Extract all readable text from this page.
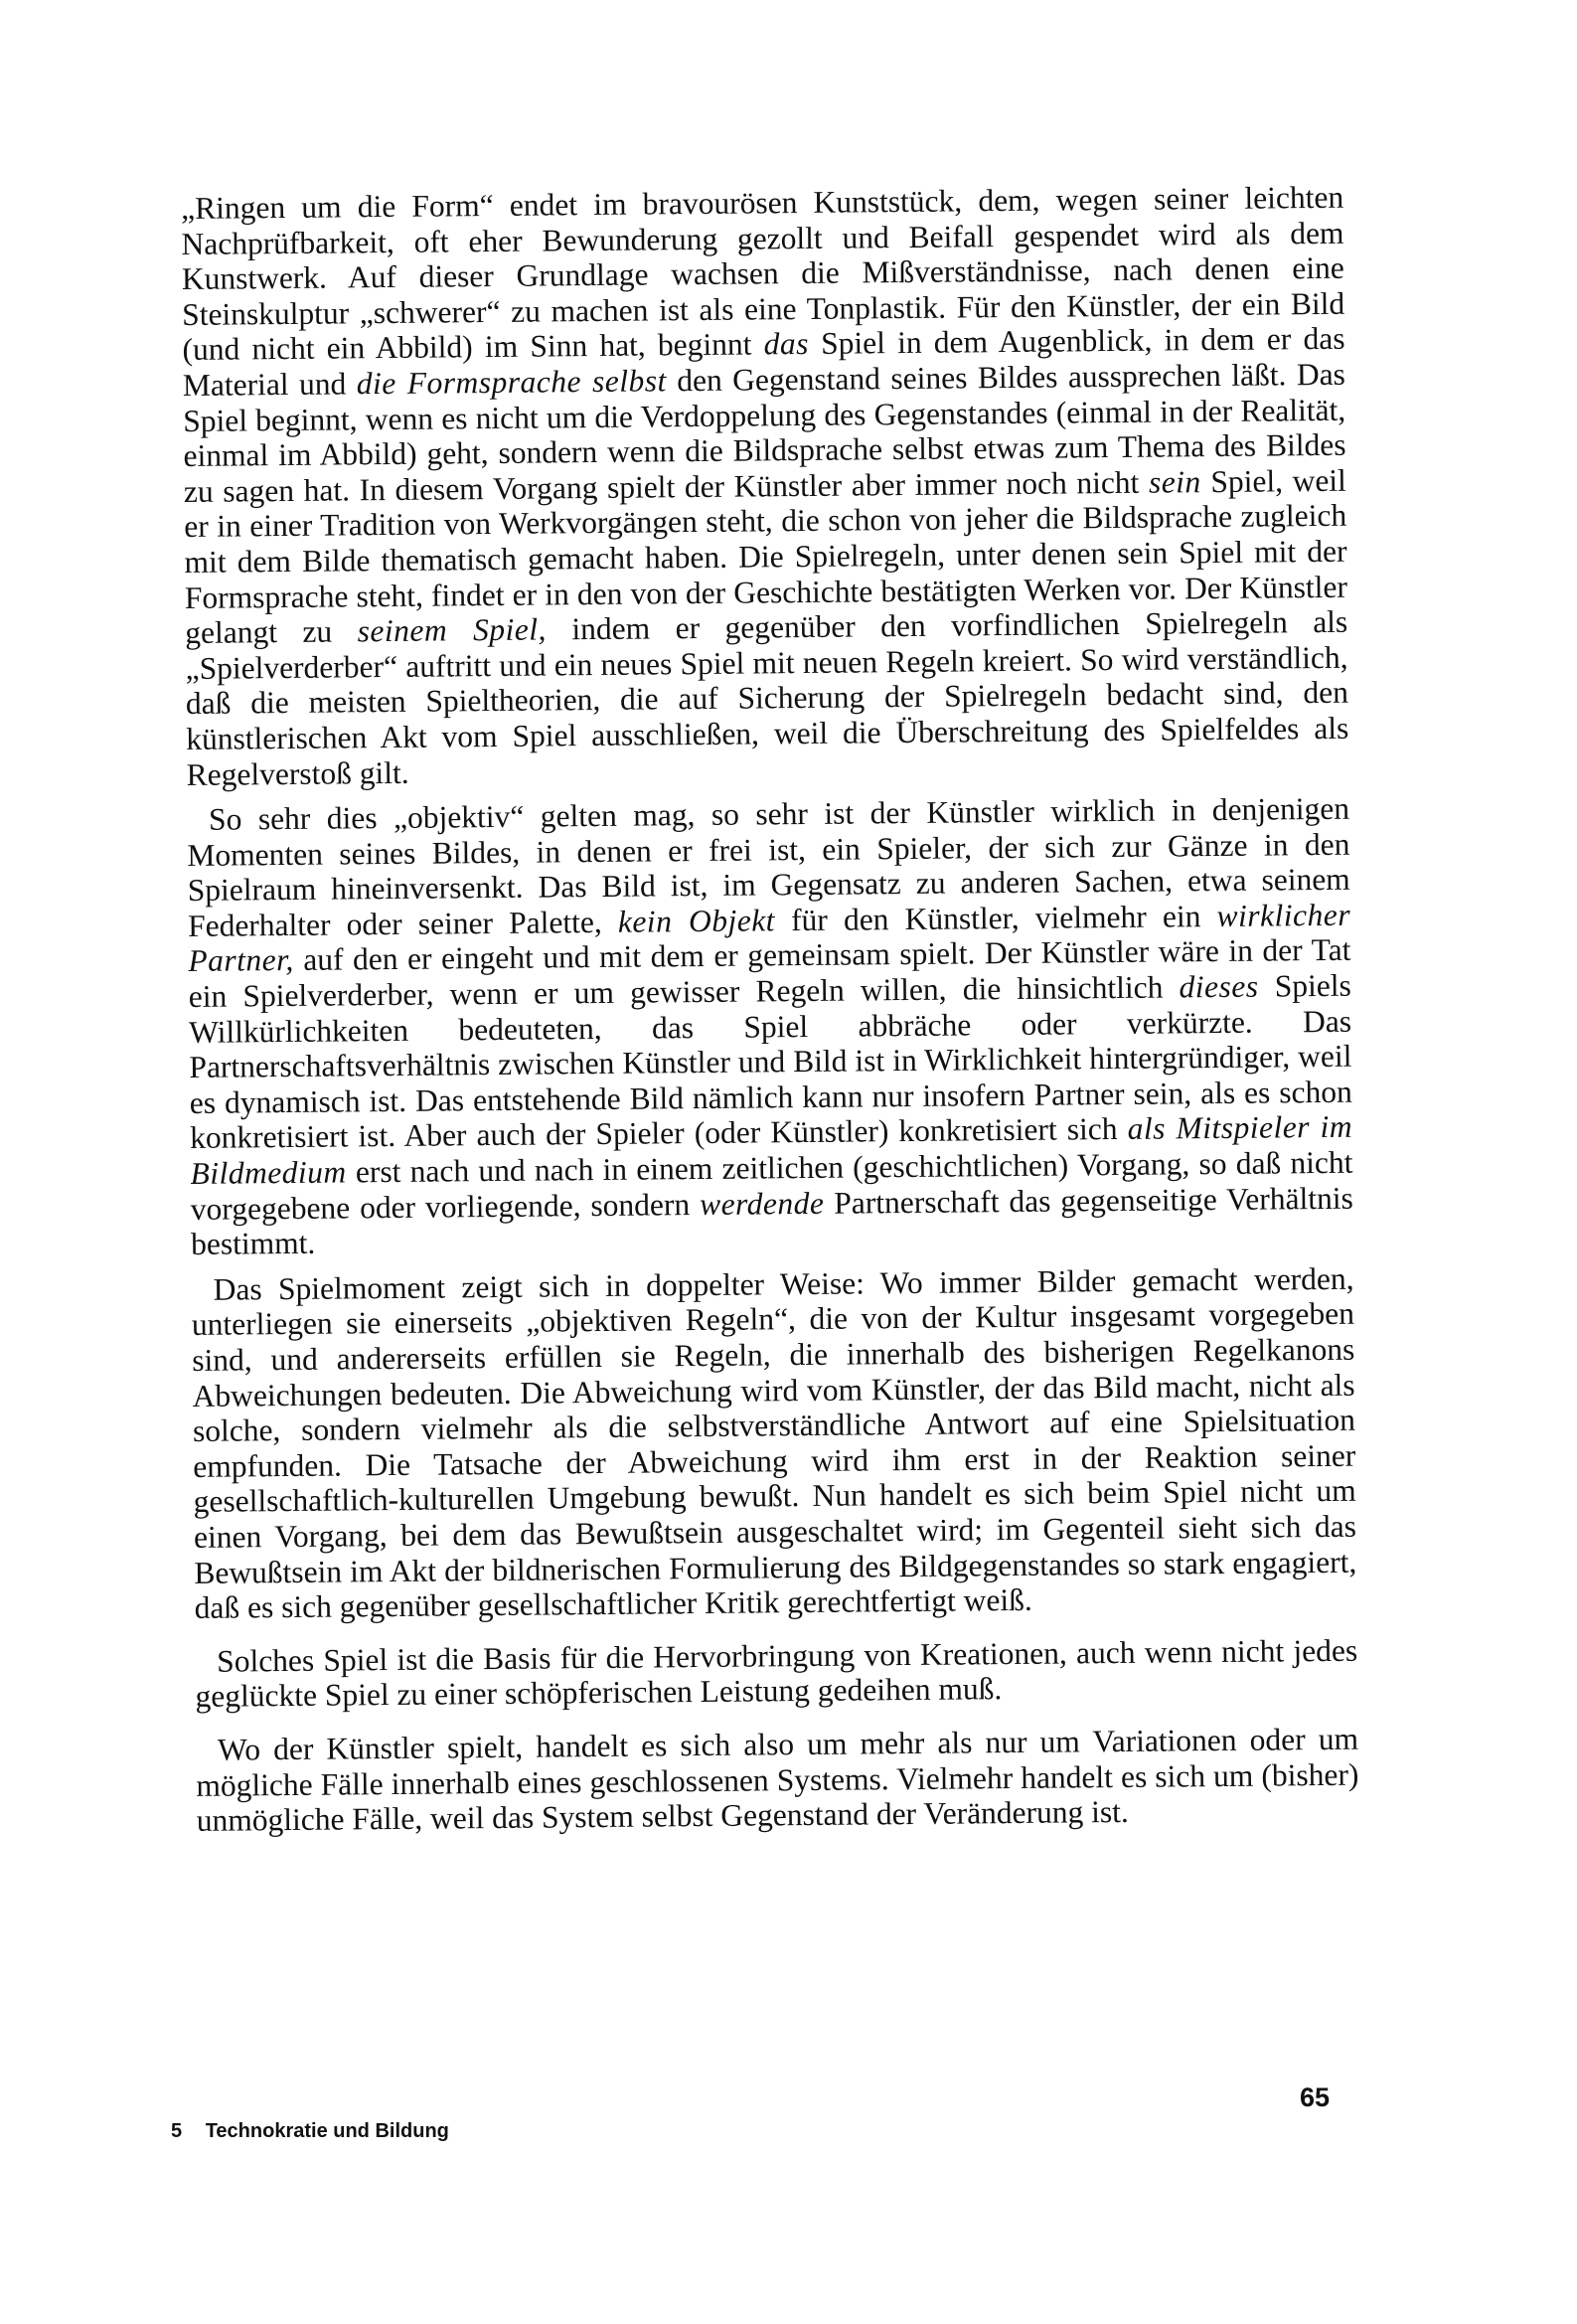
„Ringen um die Form“ endet im bravourösen Kunststück, dem, wegen seiner leichten Nachprüfbarkeit, oft eher Bewunderung gezollt und Beifall gespendet wird als dem Kunstwerk. Auf dieser Grundlage wachsen die Mißverständnisse, nach denen eine Steinskulptur „schwerer“ zu machen ist als eine Tonplastik. Für den Künstler, der ein Bild (und nicht ein Abbild) im Sinn hat, beginnt das Spiel in dem Augenblick, in dem er das Material und die Formsprache selbst den Gegenstand seines Bildes aussprechen läßt. Das Spiel beginnt, wenn es nicht um die Verdoppelung des Gegenstandes (einmal in der Realität, einmal im Abbild) geht, sondern wenn die Bildsprache selbst etwas zum Thema des Bildes zu sagen hat. In diesem Vorgang spielt der Künstler aber immer noch nicht sein Spiel, weil er in einer Tradition von Werkvorgängen steht, die schon von jeher die Bildsprache zugleich mit dem Bilde thematisch gemacht haben. Die Spielregeln, unter denen sein Spiel mit der Formsprache steht, findet er in den von der Geschichte bestätigten Werken vor. Der Künstler gelangt zu seinem Spiel, indem er gegenüber den vorfindlichen Spielregeln als „Spielverderber“ auftritt und ein neues Spiel mit neuen Regeln kreiert. So wird verständlich, daß die meisten Spieltheorien, die auf Sicherung der Spielregeln bedacht sind, den künstlerischen Akt vom Spiel ausschließen, weil die Überschreitung des Spielfeldes als Regelverstoß gilt.

So sehr dies „objektiv“ gelten mag, so sehr ist der Künstler wirklich in denjenigen Momenten seines Bildes, in denen er frei ist, ein Spieler, der sich zur Gänze in den Spielraum hineinversenkt. Das Bild ist, im Gegensatz zu anderen Sachen, etwa seinem Federhalter oder seiner Palette, kein Objekt für den Künstler, vielmehr ein wirklicher Partner, auf den er eingeht und mit dem er gemeinsam spielt. Der Künstler wäre in der Tat ein Spielverderber, wenn er um gewisser Regeln willen, die hinsichtlich dieses Spiels Willkürlichkeiten bedeuteten, das Spiel abbräche oder verkürzte. Das Partnerschaftsverhältnis zwischen Künstler und Bild ist in Wirklichkeit hintergründiger, weil es dynamisch ist. Das entstehende Bild nämlich kann nur insofern Partner sein, als es schon konkretisiert ist. Aber auch der Spieler (oder Künstler) konkretisiert sich als Mitspieler im Bildmedium erst nach und nach in einem zeitlichen (geschichtlichen) Vorgang, so daß nicht vorgegebene oder vorliegende, sondern werdende Partnerschaft das gegenseitige Verhältnis bestimmt.

Das Spielmoment zeigt sich in doppelter Weise: Wo immer Bilder gemacht werden, unterliegen sie einerseits „objektiven Regeln“, die von der Kultur insgesamt vorgegeben sind, und andererseits erfüllen sie Regeln, die innerhalb des bisherigen Regelkanons Abweichungen bedeuten. Die Abweichung wird vom Künstler, der das Bild macht, nicht als solche, sondern vielmehr als die selbstverständliche Antwort auf eine Spielsituation empfunden. Die Tatsache der Abweichung wird ihm erst in der Reaktion seiner gesellschaftlich-kulturellen Umgebung bewußt. Nun handelt es sich beim Spiel nicht um einen Vorgang, bei dem das Bewußtsein ausgeschaltet wird; im Gegenteil sieht sich das Bewußtsein im Akt der bildnerischen Formulierung des Bildgegenstandes so stark engagiert, daß es sich gegenüber gesellschaftlicher Kritik gerechtfertigt weiß.

Solches Spiel ist die Basis für die Hervorbringung von Kreationen, auch wenn nicht jedes geglückte Spiel zu einer schöpferischen Leistung gedeihen muß.

Wo der Künstler spielt, handelt es sich also um mehr als nur um Variationen oder um mögliche Fälle innerhalb eines geschlossenen Systems. Vielmehr handelt es sich um (bisher) unmögliche Fälle, weil das System selbst Gegenstand der Veränderung ist.

65
5 Technokratie und Bildung
